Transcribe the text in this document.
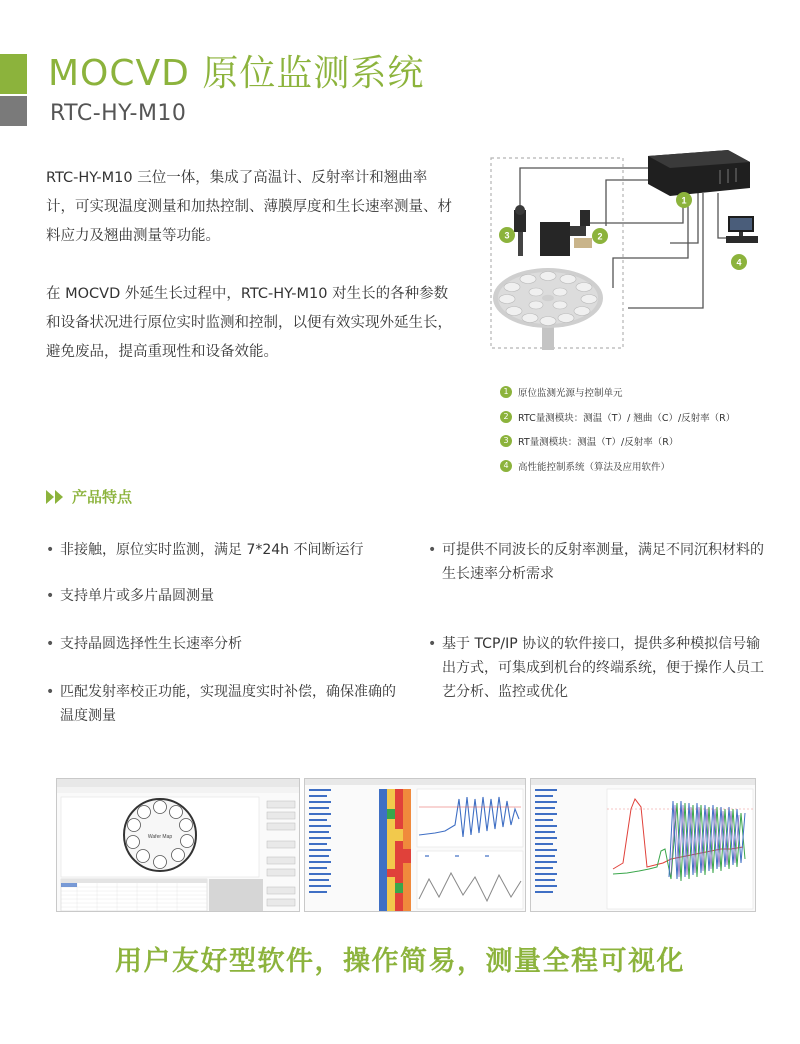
MOCVD 原位监测系统
RTC-HY-M10

RTC-HY-M10 三位一体，集成了高温计、反射率计和翘曲率计，可实现温度测量和加热控制、薄膜厚度和生长速率测量、材料应力及翘曲测量等功能。

在 MOCVD 外延生长过程中，RTC-HY-M10 对生长的各种参数和设备状况进行原位实时监测和控制，以便有效实现外延生长，避免废品，提高重现性和设备效能。

1
2
3
4
1 原位监测光源与控制单元
2 RTC量测模块：测温（T）/ 翘曲（C）/反射率（R）
3 RT量测模块：测温（T）/反射率（R）
4 高性能控制系统（算法及应用软件）
产品特点
• 非接触，原位实时监测，满足 7*24h 不间断运行
• 支持单片或多片晶圆测量
• 支持晶圆选择性生长速率分析
• 匹配发射率校正功能，实现温度实时补偿，确保准确的温度测量
• 可提供不同波长的反射率测量，满足不同沉积材料的生长速率分析需求
• 基于 TCP/IP 协议的软件接口，提供多种模拟信号输出方式，可集成到机台的终端系统，便于操作人员工艺分析、监控或优化
Wafer Map
用户友好型软件，操作简易，测量全程可视化
